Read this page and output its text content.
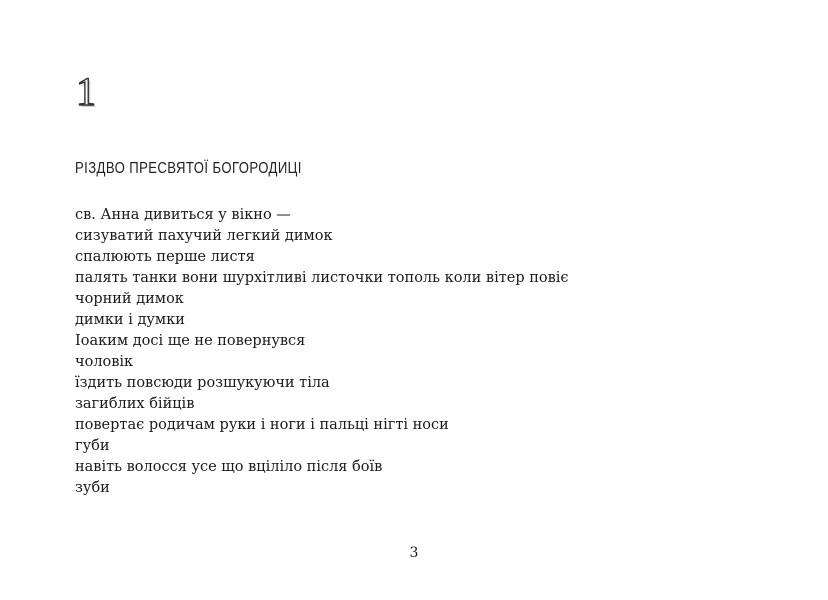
1
РІЗДВО ПРЕСВЯТОЇ БОГОРОДИЦІ
св. Анна дивиться у вікно —
сизуватий пахучий легкий димок
спалюють перше листя
палять танки вони шурхітливі листочки тополь коли вітер повіє
чорний димок
димки і думки
Іоаким досі ще не повернувся
чоловік
їздить повсюди розшукуючи тіла
загиблих бійців
повертає родичам руки і ноги і пальці нігті носи
губи
навіть волосся усе що вціліло після боїв
зуби
3
